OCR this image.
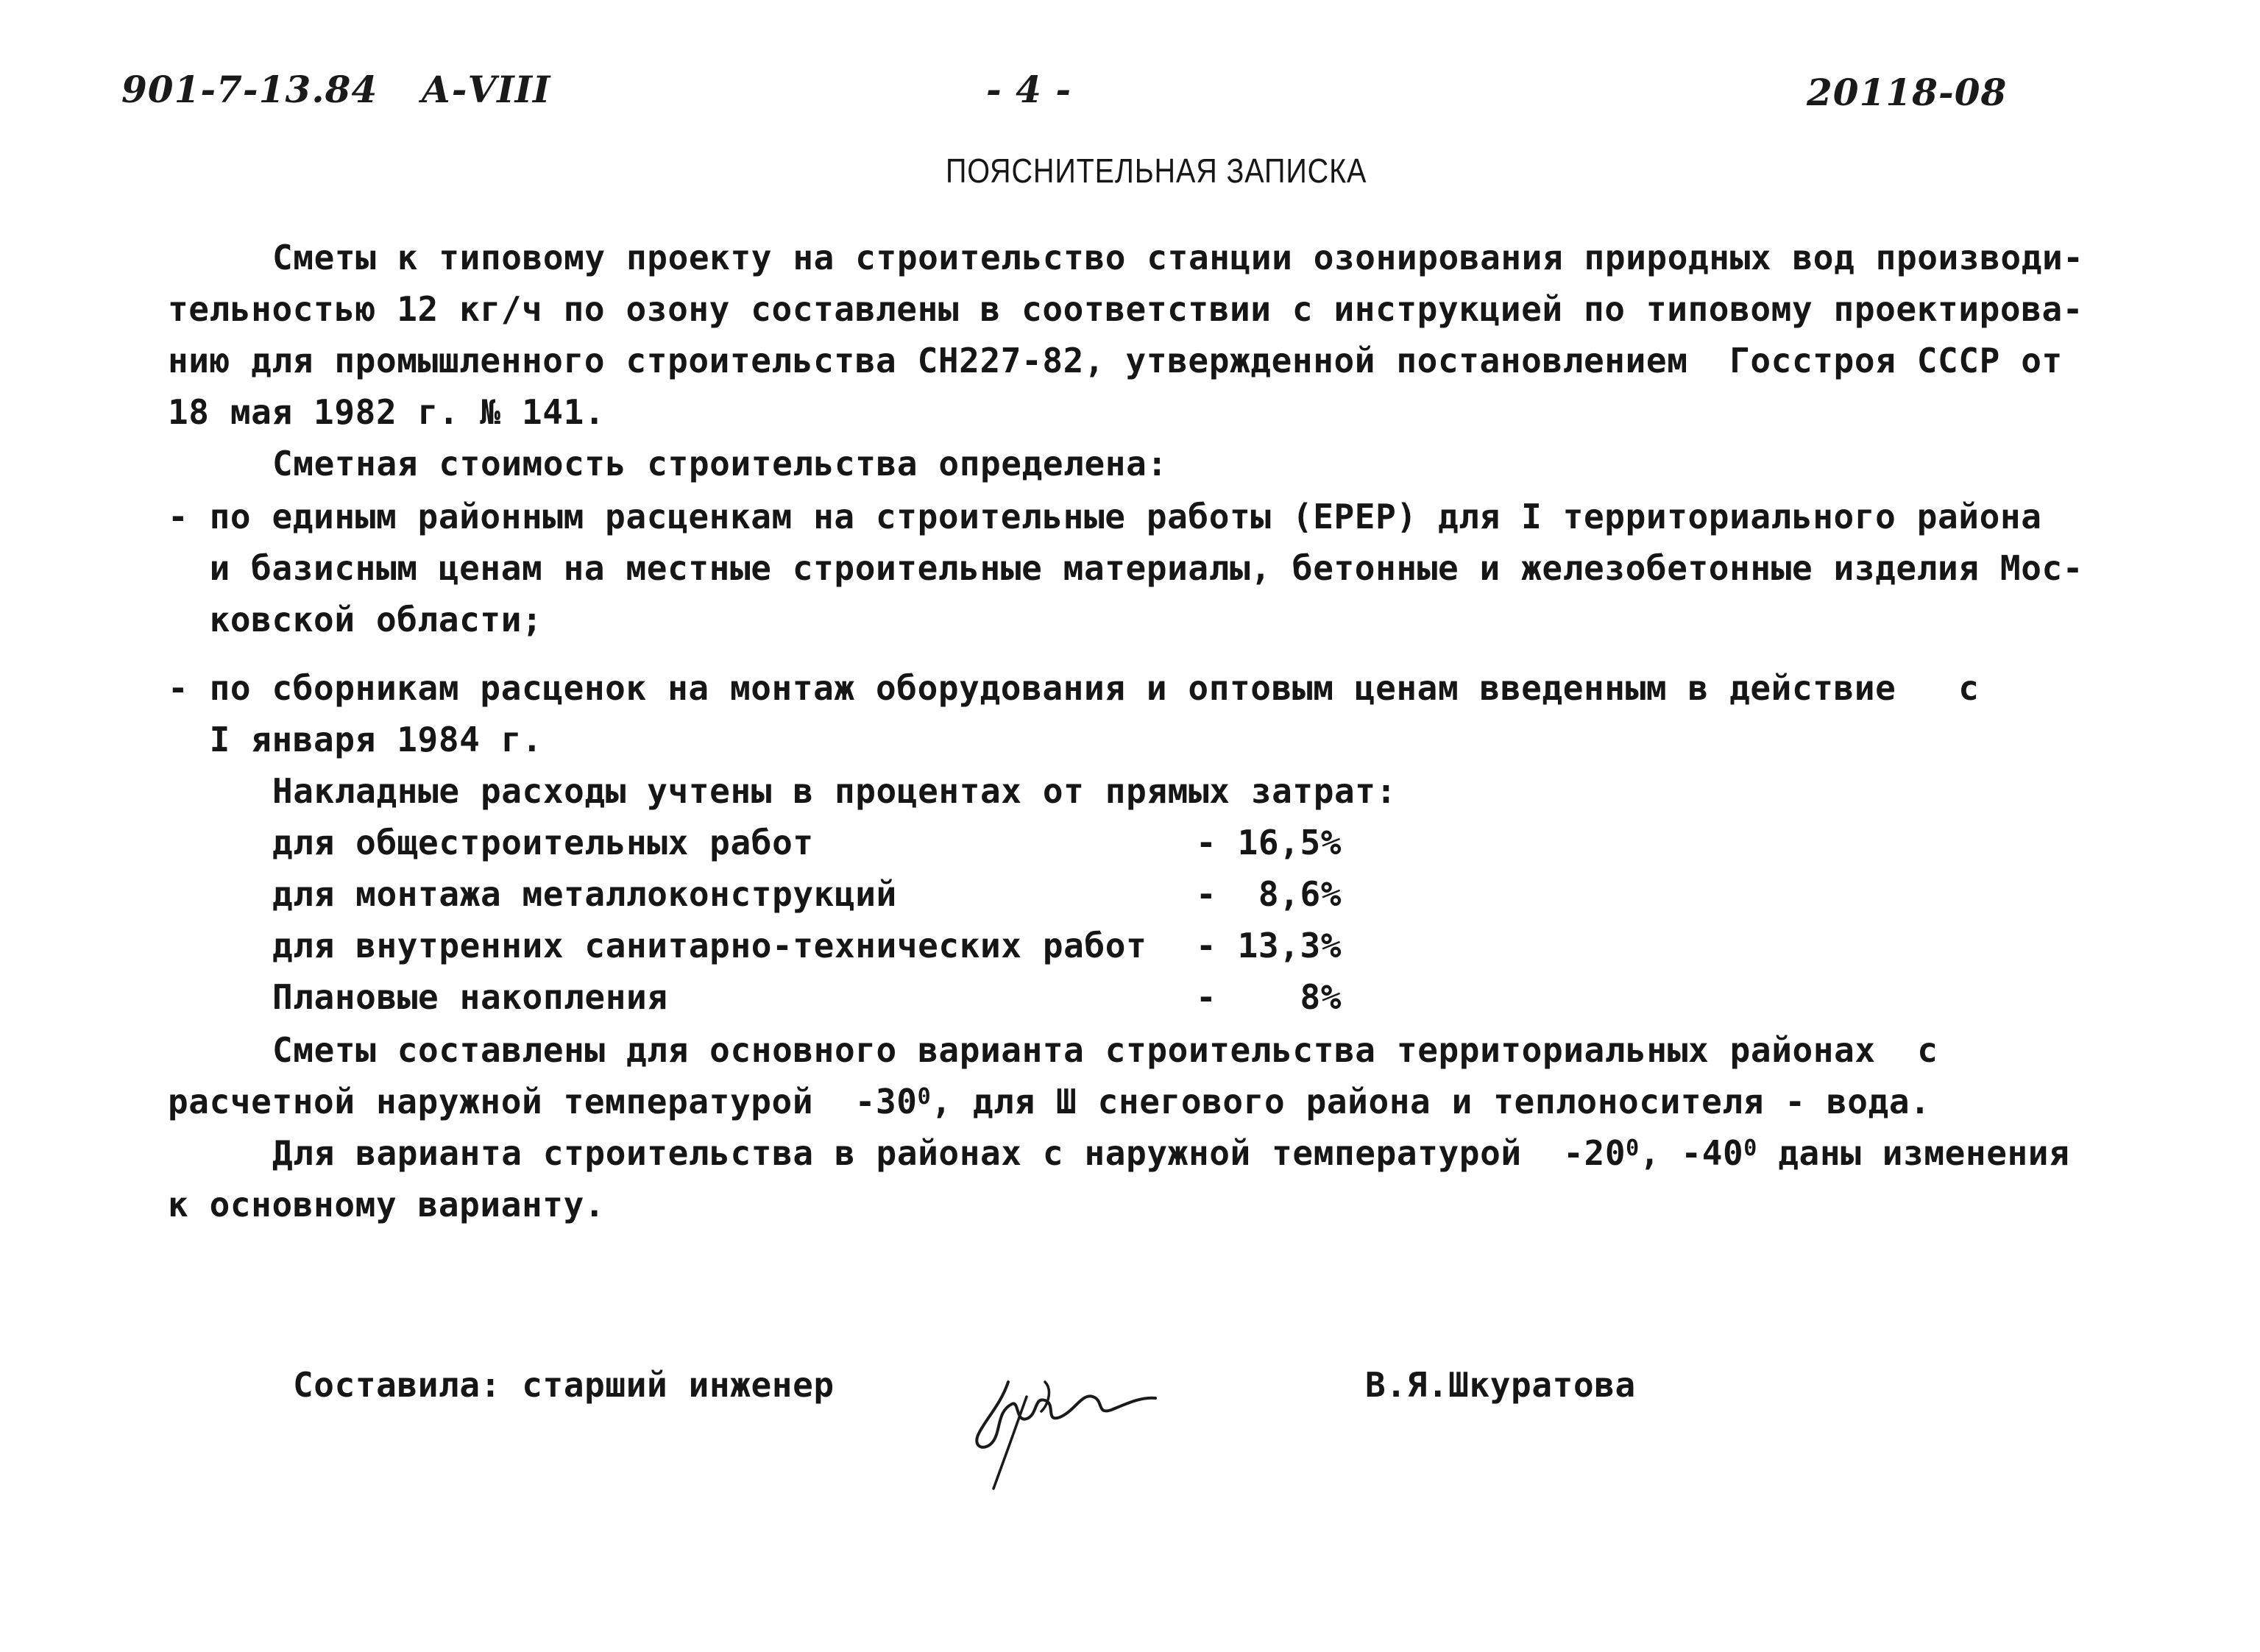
901-7-13.84 А-VIII	- 4 -	20118-08
ПОЯСНИТЕЛЬНАЯ ЗАПИСКА
Сметы к типовому проекту на строительство станции озонирования природных вод производи-
тельностью 12 кг/ч по озону составлены в соответствии с инструкцией по типовому проектирова-
нию для промышленного строительства СН227-82, утвержденной постановлением  Госстроя СССР от
18 мая 1982 г. № 141.
Сметная стоимость строительства определена:
- по единым районным расценкам на строительные работы (ЕРЕР) для I территориального района
и базисным ценам на местные строительные материалы, бетонные и железобетонные изделия Мос-
ковской области;
- по сборникам расценок на монтаж оборудования и оптовым ценам введенным в действие   с
I января 1984 г.
Накладные расходы учтены в процентах от прямых затрат:
для общестроительных работ	- 16,5%
для монтажа металлоконструкций	-  8,6%
для внутренних санитарно-технических работ - 13,3%
Плановые накопления	-    8%
Сметы составлены для основного варианта строительства территориальных районах  с
расчетной наружной температурой  $-30^0$, для Ш снегового района и теплоносителя - вода.
Для варианта строительства в районах с наружной температурой  $-20^0$, $-40^0$ даны изменения
к основному варианту.
Составила: старший инженер

	В.Я.Шкуратова
